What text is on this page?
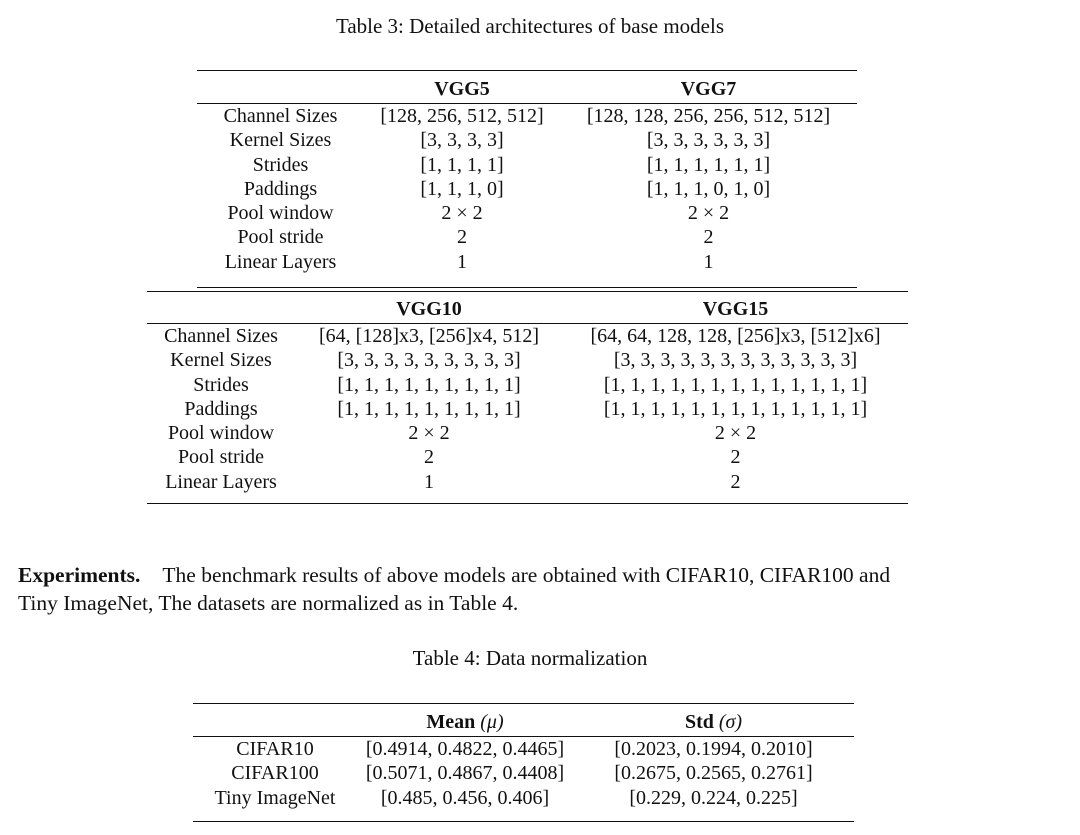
Table 3: Detailed architectures of base models
	VGG5	VGG7
Channel Sizes	[128, 256, 512, 512]	[128, 128, 256, 256, 512, 512]
Kernel Sizes	[3, 3, 3, 3]	[3, 3, 3, 3, 3, 3]
Strides	[1, 1, 1, 1]	[1, 1, 1, 1, 1, 1]
Paddings	[1, 1, 1, 0]	[1, 1, 1, 0, 1, 0]
Pool window	2 × 2	2 × 2
Pool stride	2	2
Linear Layers	1	1
	VGG10	VGG15
Channel Sizes	[64, [128]x3, [256]x4, 512]	[64, 64, 128, 128, [256]x3, [512]x6]
Kernel Sizes	[3, 3, 3, 3, 3, 3, 3, 3, 3]	[3, 3, 3, 3, 3, 3, 3, 3, 3, 3, 3, 3]
Strides	[1, 1, 1, 1, 1, 1, 1, 1, 1]	[1, 1, 1, 1, 1, 1, 1, 1, 1, 1, 1, 1, 1]
Paddings	[1, 1, 1, 1, 1, 1, 1, 1, 1]	[1, 1, 1, 1, 1, 1, 1, 1, 1, 1, 1, 1, 1]
Pool window	2 × 2	2 × 2
Pool stride	2	2
Linear Layers	1	2
Experiments. The benchmark results of above models are obtained with CIFAR10, CIFAR100 and
Tiny ImageNet, The datasets are normalized as in Table 4.
Table 4: Data normalization
	Mean (μ)	Std (σ)
CIFAR10	[0.4914, 0.4822, 0.4465]	[0.2023, 0.1994, 0.2010]
CIFAR100	[0.5071, 0.4867, 0.4408]	[0.2675, 0.2565, 0.2761]
Tiny ImageNet	[0.485, 0.456, 0.406]	[0.229, 0.224, 0.225]
